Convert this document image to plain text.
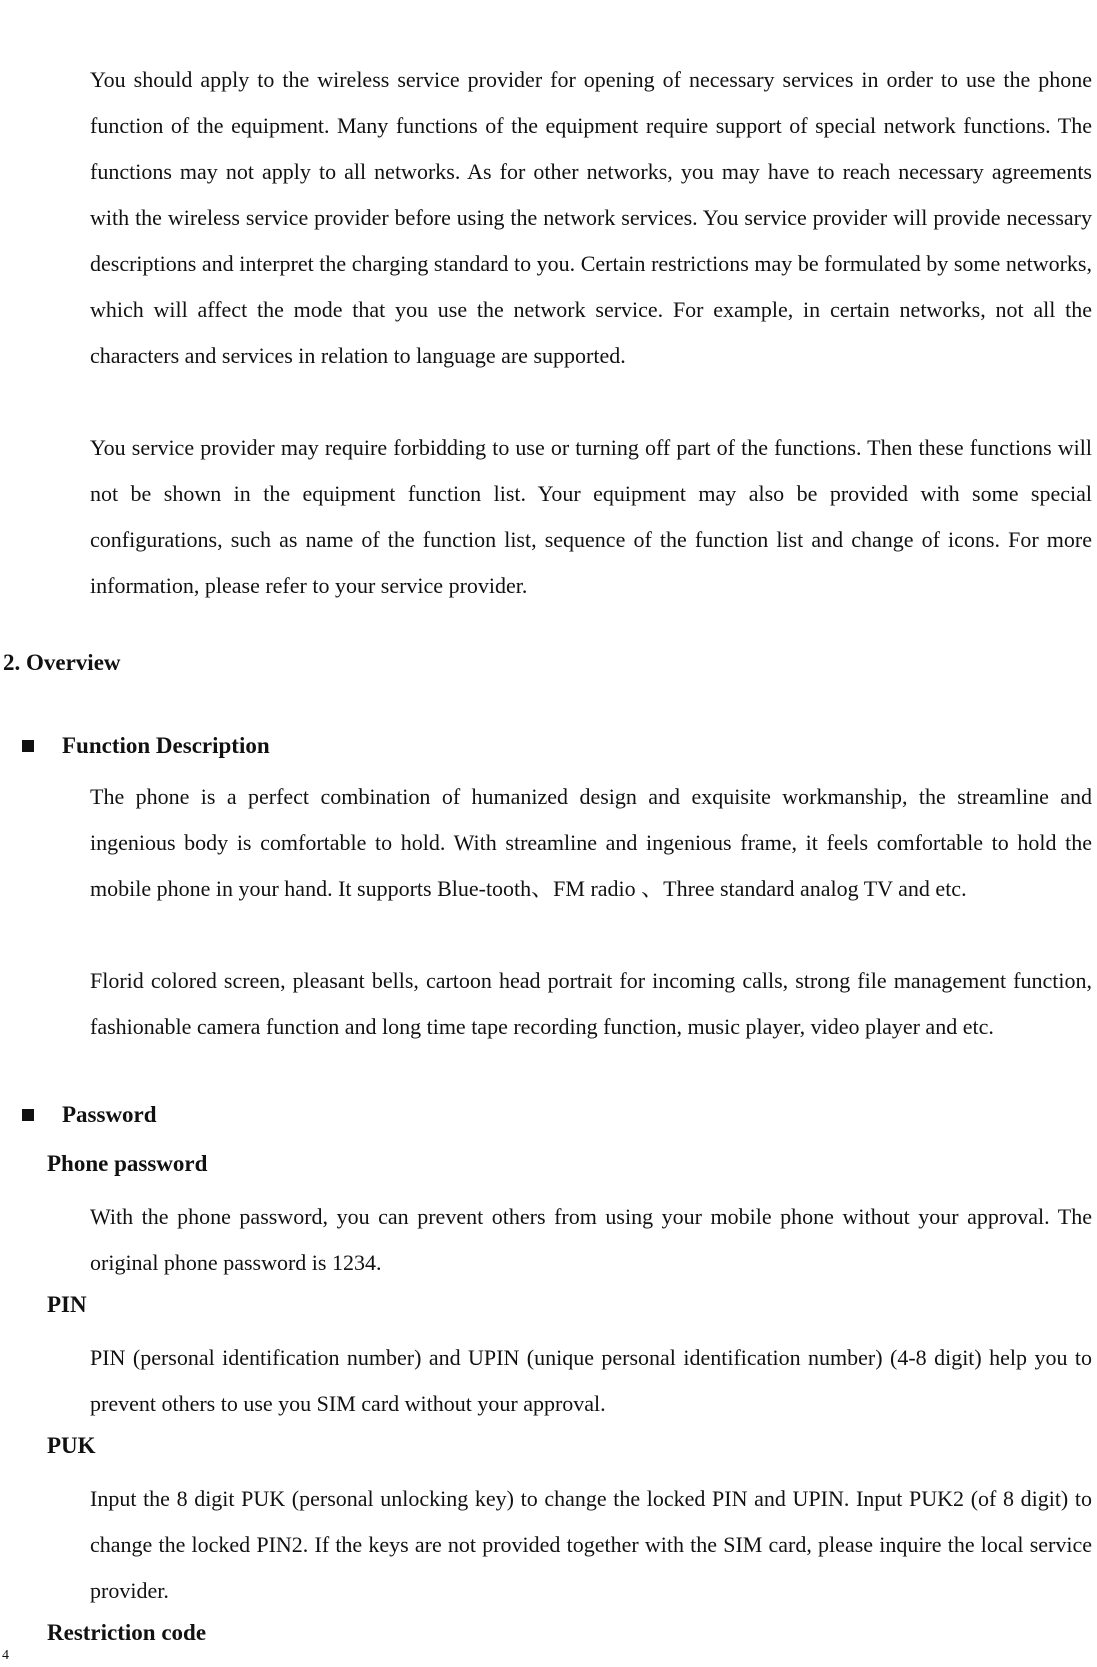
You should apply to the wireless service provider for opening of necessary services in order to use the phone function of the equipment. Many functions of the equipment require support of special network functions. The functions may not apply to all networks. As for other networks, you may have to reach necessary agreements with the wireless service provider before using the network services. You service provider will provide necessary descriptions and interpret the charging standard to you. Certain restrictions may be formulated by some networks, which will affect the mode that you use the network service. For example, in certain networks, not all the characters and services in relation to language are supported.

You service provider may require forbidding to use or turning off part of the functions. Then these functions will not be shown in the equipment function list. Your equipment may also be provided with some special configurations, such as name of the function list, sequence of the function list and change of icons. For more information, please refer to your service provider.

2. Overview
Function Description

The phone is a perfect combination of humanized design and exquisite workmanship, the streamline and ingenious body is comfortable to hold. With streamline and ingenious frame, it feels comfortable to hold the mobile phone in your hand. It supports Blue-tooth、FM radio 、Three standard analog TV and etc.

Florid colored screen, pleasant bells, cartoon head portrait for incoming calls, strong file management function, fashionable camera function and long time tape recording function, music player, video player and etc.

Password
Phone password

With the phone password, you can prevent others from using your mobile phone without your approval. The original phone password is 1234.

PIN

PIN (personal identification number) and UPIN (unique personal identification number) (4-8 digit) help you to prevent others to use you SIM card without your approval.

PUK

Input the 8 digit PUK (personal unlocking key) to change the locked PIN and UPIN. Input PUK2 (of 8 digit) to change the locked PIN2. If the keys are not provided together with the SIM card, please inquire the local service provider.

Restriction code
4
